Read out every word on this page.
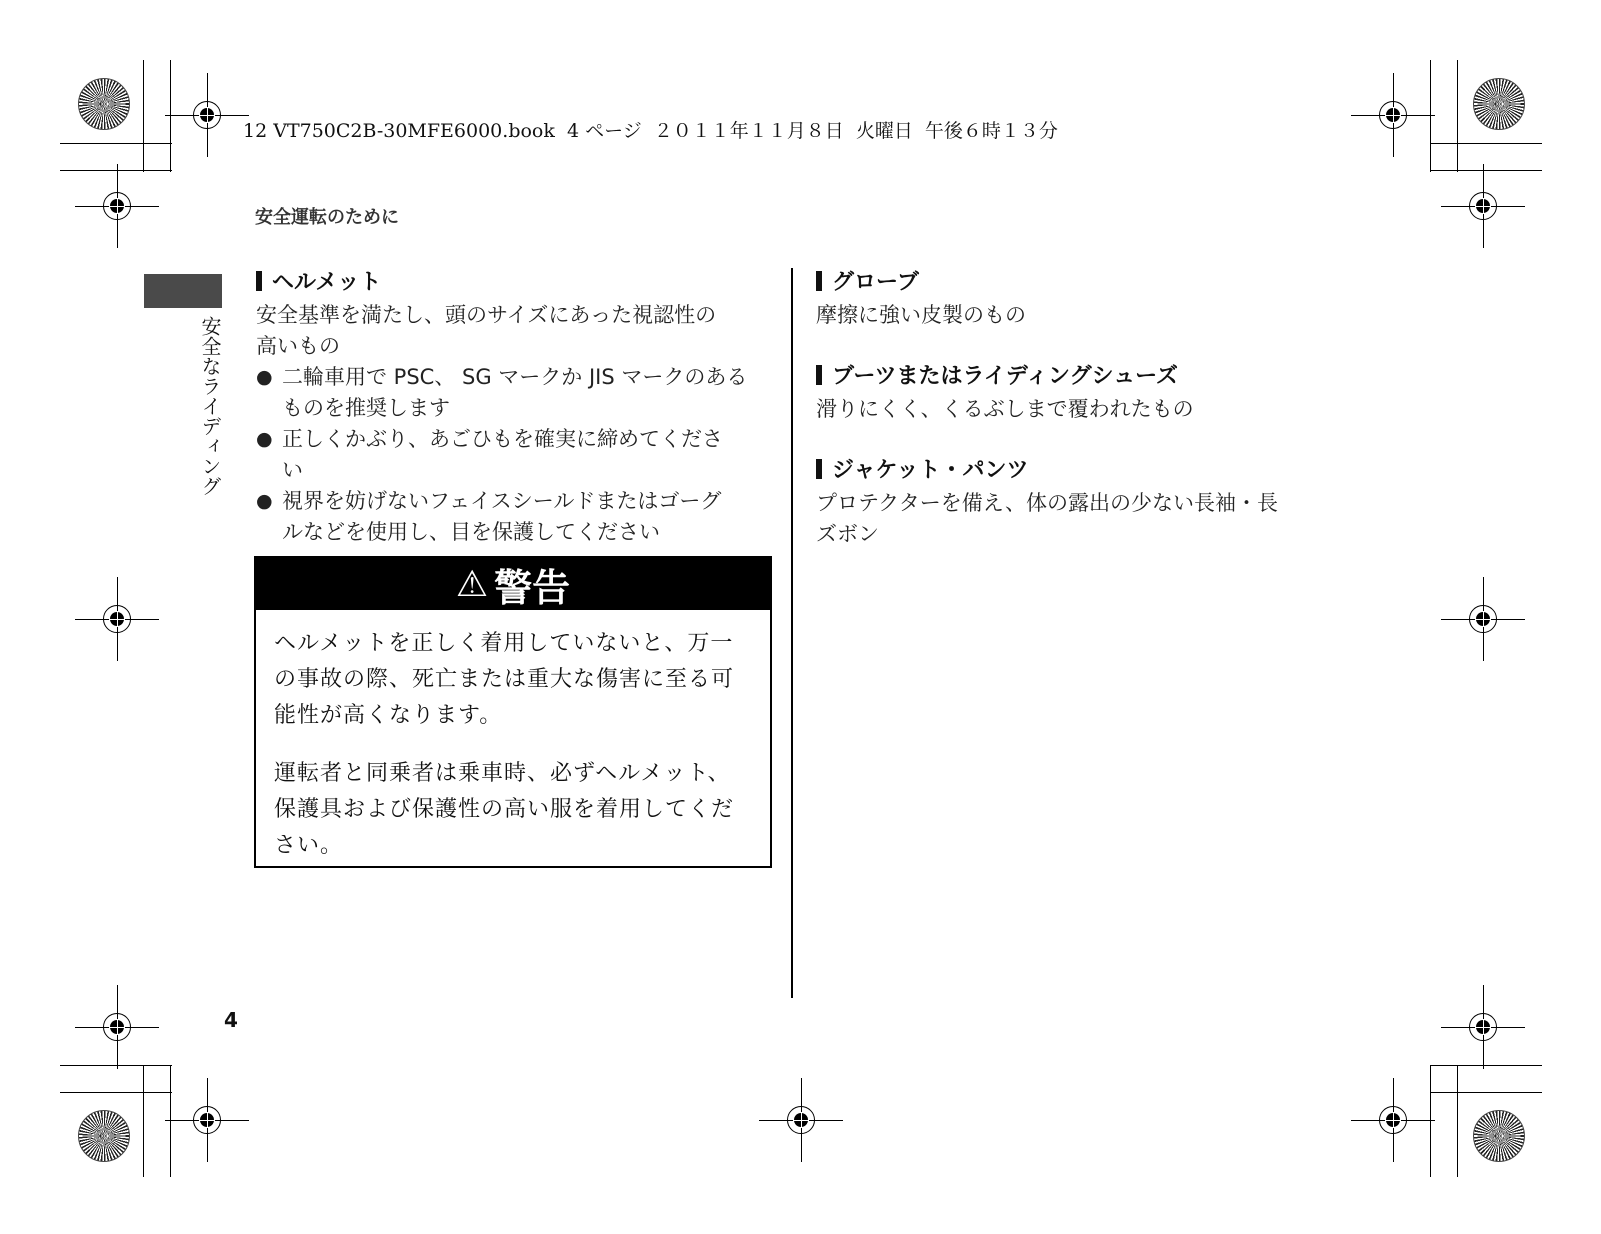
12 VT750C2B-30MFE6000.book  4 ページ  ２０１１年１１月８日  火曜日  午後６時１３分
安全運転のために
安全なライディング
4
ヘルメット
安全基準を満たし、頭のサイズにあった視認性の
高いもの
● 二輪車用で PSC、 SG マークか JIS マークのある
ものを推奨します
● 正しくかぶり、あごひもを確実に締めてくださ
い
● 視界を妨げないフェイスシールドまたはゴーグ
ルなどを使用し、目を保護してください
⚠ 警告

ヘルメットを正しく着用していないと、万一
の事故の際、死亡または重大な傷害に至る可
能性が高くなります。

運転者と同乗者は乗車時、必ずヘルメット、
保護具および保護性の高い服を着用してくだ
さい。

グローブ
摩擦に強い皮製のもの
ブーツまたはライディングシューズ
滑りにくく、くるぶしまで覆われたもの
ジャケット・パンツ
プロテクターを備え、体の露出の少ない長袖・長
ズボン
